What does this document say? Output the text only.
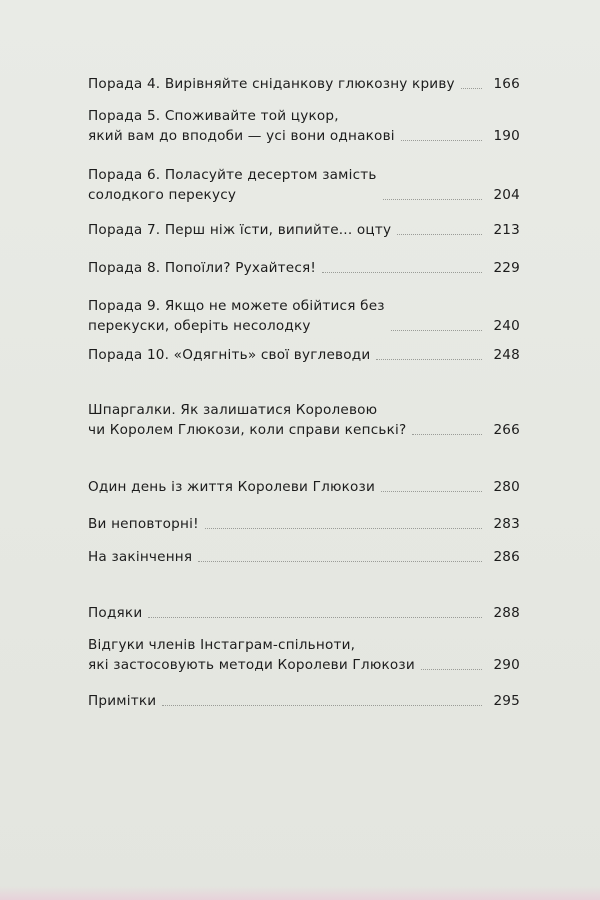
Порада 4. Вирівняйте сніданкову глюкозну криву	166
Порада 5. Споживайте той цукор,
який вам до вподоби — усі вони однакові	190
Порада 6. Поласуйте десертом замість
солодкого перекусу	204
Порада 7. Перш ніж їсти, випийте... оцту	213
Порада 8. Попоїли? Рухайтеся!	229
Порада 9. Якщо не можете обійтися без
перекуски, оберіть несолодку	240
Порада 10. «Одягніть» свої вуглеводи	248
Шпаргалки. Як залишатися Королевою
чи Королем Глюкози, коли справи кепські?	266
Один день із життя Королеви Глюкози	280
Ви неповторні!	283
На закінчення	286
Подяки	288
Відгуки членів Інстаграм-спільноти,
які застосовують методи Королеви Глюкози	290
Примітки	295
